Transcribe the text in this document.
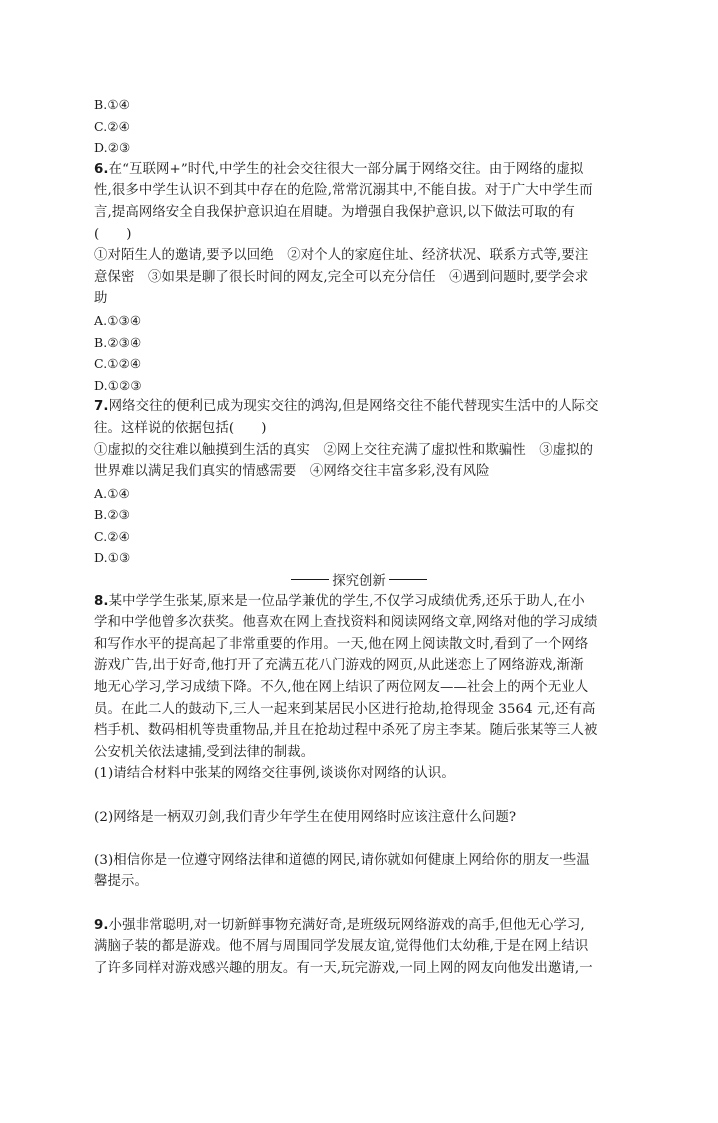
B.①④
C.②④
D.②③
6.在“互联网+”时代,中学生的社会交往很大一部分属于网络交往。由于网络的虚拟
性,很多中学生认识不到其中存在的危险,常常沉溺其中,不能自拔。对于广大中学生而
言,提高网络安全自我保护意识迫在眉睫。为增强自我保护意识,以下做法可取的有
(　　)
①对陌生人的邀请,要予以回绝　②对个人的家庭住址、经济状况、联系方式等,要注
意保密　③如果是聊了很长时间的网友,完全可以充分信任　④遇到问题时,要学会求
助
A.①③④
B.②③④
C.①②④
D.①②③
7.网络交往的便利已成为现实交往的鸿沟,但是网络交往不能代替现实生活中的人际交
往。这样说的依据包括(　　)
①虚拟的交往难以触摸到生活的真实　②网上交往充满了虚拟性和欺骗性　③虚拟的
世界难以满足我们真实的情感需要　④网络交往丰富多彩,没有风险
A.①④
B.②③
C.②④
D.①③
探究创新
8.某中学学生张某,原来是一位品学兼优的学生,不仅学习成绩优秀,还乐于助人,在小
学和中学他曾多次获奖。他喜欢在网上查找资料和阅读网络文章,网络对他的学习成绩
和写作水平的提高起了非常重要的作用。一天,他在网上阅读散文时,看到了一个网络
游戏广告,出于好奇,他打开了充满五花八门游戏的网页,从此迷恋上了网络游戏,渐渐
地无心学习,学习成绩下降。不久,他在网上结识了两位网友——社会上的两个无业人
员。在此二人的鼓动下,三人一起来到某居民小区进行抢劫,抢得现金 3564 元,还有高
档手机、数码相机等贵重物品,并且在抢劫过程中杀死了房主李某。随后张某等三人被
公安机关依法逮捕,受到法律的制裁。
(1)请结合材料中张某的网络交往事例,谈谈你对网络的认识。
(2)网络是一柄双刃剑,我们青少年学生在使用网络时应该注意什么问题?
(3)相信你是一位遵守网络法律和道德的网民,请你就如何健康上网给你的朋友一些温
馨提示。
9.小强非常聪明,对一切新鲜事物充满好奇,是班级玩网络游戏的高手,但他无心学习,
满脑子装的都是游戏。他不屑与周围同学发展友谊,觉得他们太幼稚,于是在网上结识
了许多同样对游戏感兴趣的朋友。有一天,玩完游戏,一同上网的网友向他发出邀请,一
